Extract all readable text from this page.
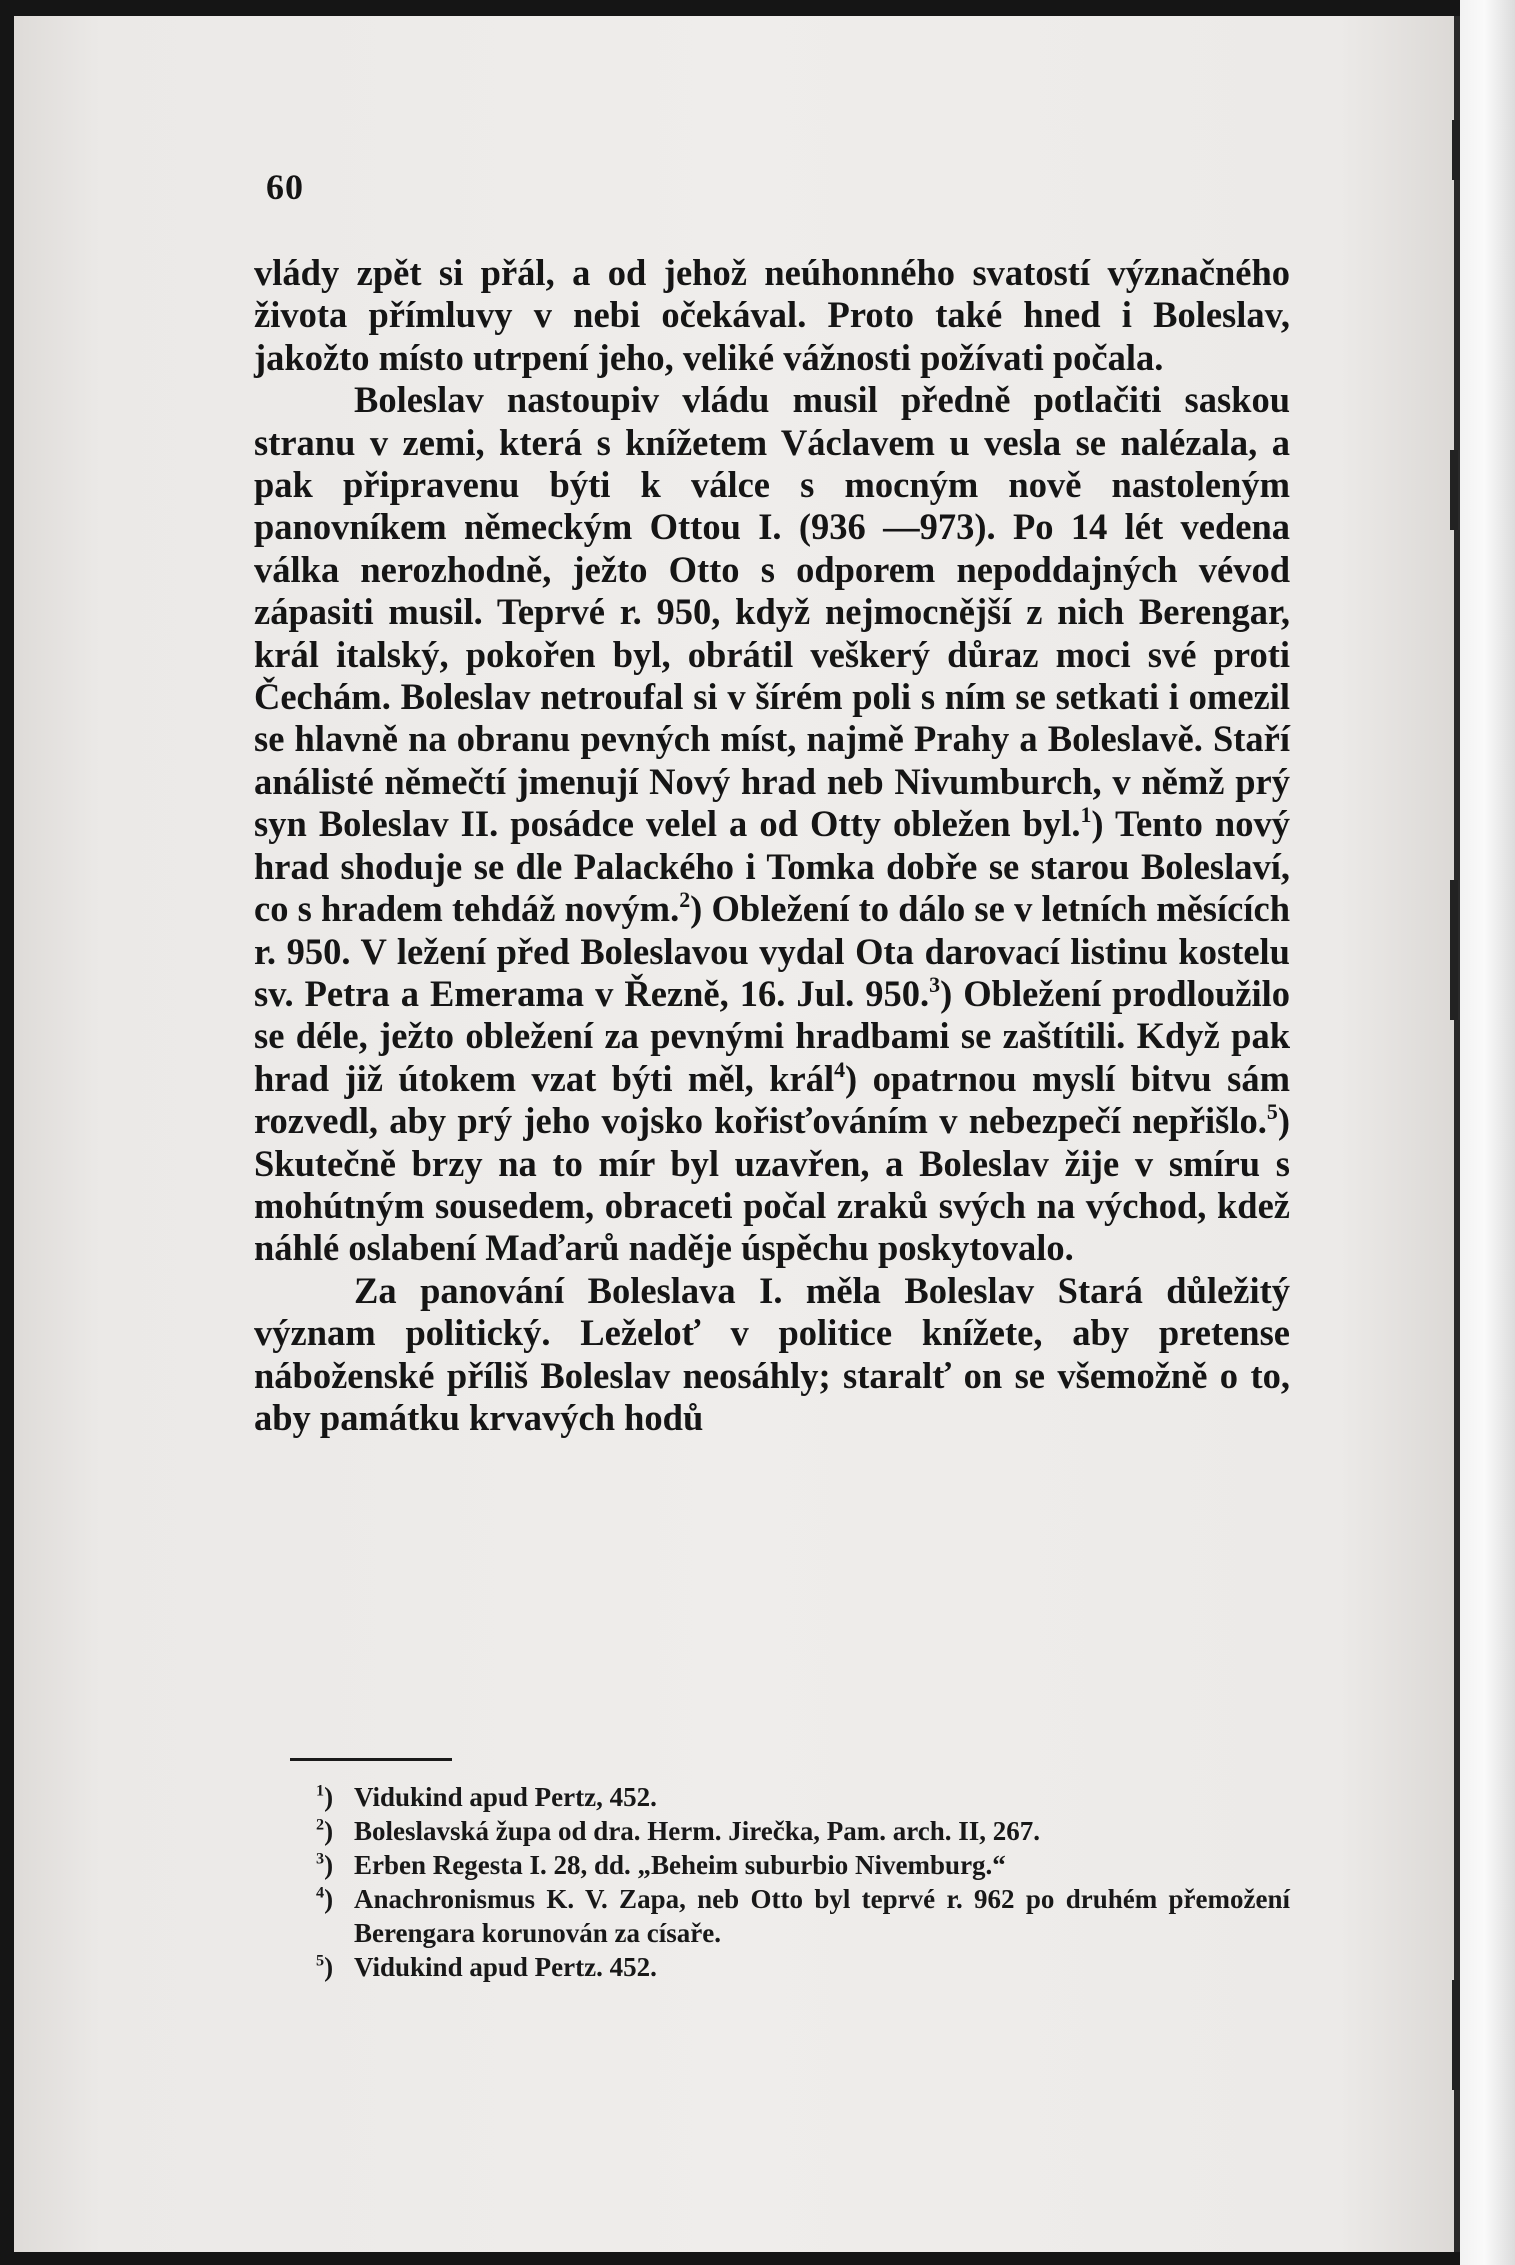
60

vlády zpět si přál, a od jehož neúhonného svatostí význačného života přímluvy v nebi očekával. Proto také hned i Boleslav, jakožto místo utrpení jeho, veliké vážnosti požívati počala.

Boleslav nastoupiv vládu musil předně potlačiti saskou stranu v zemi, která s knížetem Václavem u vesla se nalézala, a pak připravenu býti k válce s mocným nově nastoleným panovníkem německým Ottou I. (936 —973). Po 14 lét vedena válka nerozhodně, ježto Otto s odporem nepoddajných vévod zápasiti musil. Teprvé r. 950, když nejmocnější z nich Berengar, král italský, pokořen byl, obrátil veškerý důraz moci své proti Čechám. Boleslav netroufal si v šírém poli s ním se setkati i omezil se hlavně na obranu pevných míst, najmě Prahy a Boleslavě. Staří análisté němečtí jmenují Nový hrad neb Nivumburch, v němž prý syn Boleslav II. posádce velel a od Otty obležen byl.$^1$) Tento nový hrad shoduje se dle Palackého i Tomka dobře se starou Boleslaví, co s hradem tehdáž novým.$^2$) Obležení to dálo se v letních měsících r. 950. V ležení před Boleslavou vydal Ota darovací listinu kostelu sv. Petra a Emerama v Řezně, 16. Jul. 950.$^3$) Obležení prodloužilo se déle, ježto obležení za pevnými hradbami se zaštítili. Když pak hrad již útokem vzat býti měl, král$^4$) opatrnou myslí bitvu sám rozvedl, aby prý jeho vojsko kořisťováním v nebezpečí nepřišlo.$^5$) Skutečně brzy na to mír byl uzavřen, a Boleslav žije v smíru s mohútným sousedem, obraceti počal zraků svých na východ, kdež náhlé oslabení Maďarů naděje úspěchu poskytovalo.

Za panování Boleslava I. měla Boleslav Stará důležitý význam politický. Leželoť v politice knížete, aby pretense náboženské příliš Boleslav neosáhly; staralť on se všemožně o to, aby památku krvavých hodů

$^1$) Vidukind apud Pertz, 452.

$^2$) Boleslavská župa od dra. Herm. Jirečka, Pam. arch. II, 267.

$^3$) Erben Regesta I. 28, dd. „Beheim suburbio Nivemburg.“

$^4$) Anachronismus K. V. Zapa, neb Otto byl teprvé r. 962 po druhém přemožení Berengara korunován za císaře.

$^5$) Vidukind apud Pertz. 452.
